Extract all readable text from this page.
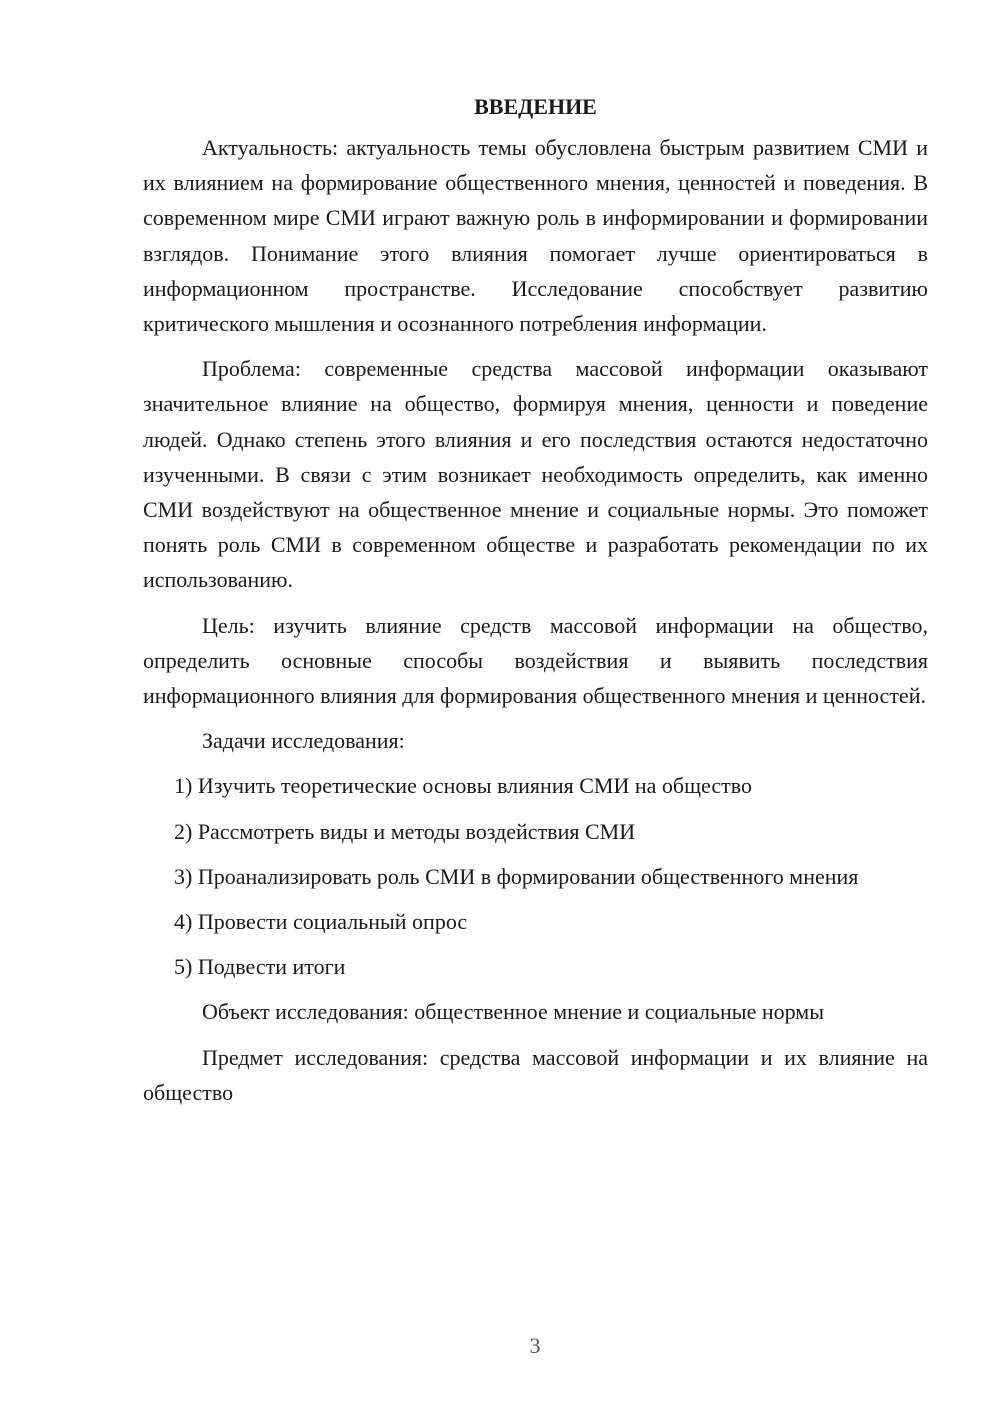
ВВЕДЕНИЕ

Актуальность: актуальность темы обусловлена быстрым развитием СМИ и их влиянием на формирование общественного мнения, ценностей и поведения. В современном мире СМИ играют важную роль в информировании и формировании взглядов. Понимание этого влияния помогает лучше ориентироваться в информационном пространстве. Исследование способствует развитию критического мышления и осознанного потребления информации.

Проблема: современные средства массовой информации оказывают значительное влияние на общество, формируя мнения, ценности и поведение людей. Однако степень этого влияния и его последствия остаются недостаточно изученными. В связи с этим возникает необходимость определить, как именно СМИ воздействуют на общественное мнение и социальные нормы. Это поможет понять роль СМИ в современном обществе и разработать рекомендации по их использованию.

Цель: изучить влияние средств массовой информации на общество, определить основные способы воздействия и выявить последствия информационного влияния для формирования общественного мнения и ценностей.

Задачи исследования:

1) Изучить теоретические основы влияния СМИ на общество

2) Рассмотреть виды и методы воздействия СМИ

3) Проанализировать роль СМИ в формировании общественного мнения

4) Провести социальный опрос

5) Подвести итоги

Объект исследования: общественное мнение и социальные нормы

Предмет исследования: средства массовой информации и их влияние на общество

3
